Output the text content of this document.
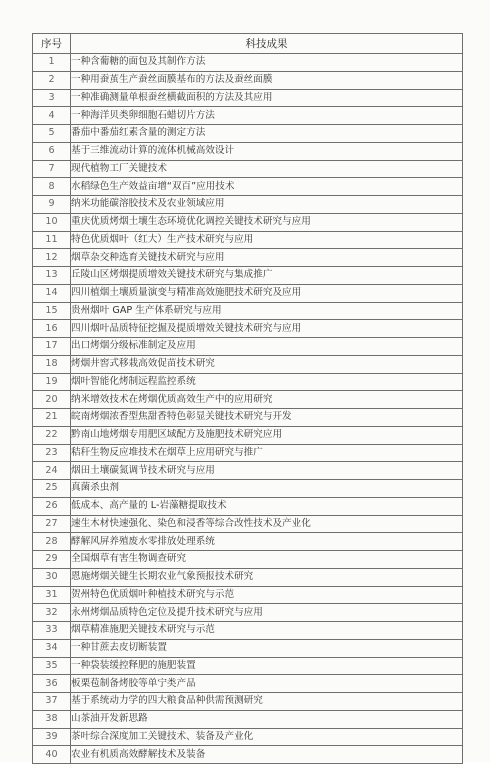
序号	科技成果
1	一种含葡糖的面包及其制作方法
2	一种用蚕茧生产蚕丝面膜基布的方法及蚕丝面膜
3	一种准确测量单根蚕丝横截面积的方法及其应用
4	一种海洋贝类卵细胞石蜡切片方法
5	番茄中番茄红素含量的测定方法
6	基于三维流动计算的流体机械高效设计
7	现代植物工厂关键技术
8	水稻绿色生产效益亩增“双百”应用技术
9	纳米功能碳溶胶技术及农业领域应用
10	重庆优质烤烟土壤生态环境优化调控关键技术研究与应用
11	特色优质烟叶（红大）生产技术研究与应用
12	烟草杂交种选育关键技术研究与应用
13	丘陵山区烤烟提质增效关键技术研究与集成推广
14	四川植烟土壤质量演变与精准高效施肥技术研究及应用
15	贵州烟叶 GAP 生产体系研究与应用
16	四川烟叶品质特征挖掘及提质增效关键技术研究与应用
17	出口烤烟分级标准制定及应用
18	烤烟井窖式移栽高效促苗技术研究
19	烟叶智能化烤制远程监控系统
20	纳米增效技术在烤烟优质高效生产中的应用研究
21	皖南烤烟浓香型焦甜香特色彰显关键技术研究与开发
22	黔南山地烤烟专用肥区域配方及施肥技术研究应用
23	秸秆生物反应堆技术在烟草上应用研究与推广
24	烟田土壤碳氮调节技术研究与应用
25	真菌杀虫剂
26	低成本、高产量的 L-岩藻糖提取技术
27	速生木材快速强化、染色和浸香等综合改性技术及产业化
28	酵解风屏养殖废水零排放处理系统
29	全国烟草有害生物调查研究
30	恩施烤烟关键生长期农业气象预报技术研究
31	贺州特色优质烟叶种植技术研究与示范
32	永州烤烟品质特色定位及提升技术研究与应用
33	烟草精准施肥关键技术研究与示范
34	一种甘蔗去皮切断装置
35	一种袋装缓控释肥的施肥装置
36	板栗苞制备烤胶等单宁类产品
37	基于系统动力学的四大粮食品种供需预测研究
38	山茶油开发新思路
39	茶叶综合深度加工关键技术、装备及产业化
40	农业有机质高效酵解技术及装备
